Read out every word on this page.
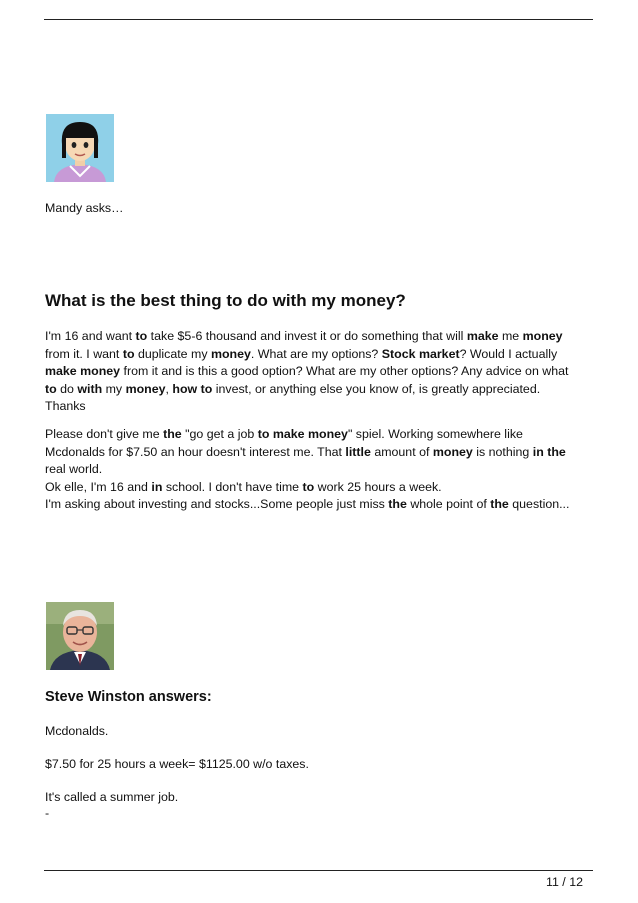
Mandy asks…
What is the best thing to do with my money?
I'm 16 and want to take $5-6 thousand and invest it or do something that will make me money
from it. I want to duplicate my money. What are my options? Stock market? Would I actually
make money from it and is this a good option? What are my other options? Any advice on what
to do with my money, how to invest, or anything else you know of, is greatly appreciated.
Thanks
Please don't give me the "go get a job to make money" spiel. Working somewhere like
Mcdonalds for $7.50 an hour doesn't interest me. That little amount of money is nothing in the
real world.
Ok elle, I'm 16 and in school. I don't have time to work 25 hours a week.
I'm asking about investing and stocks...Some people just miss the whole point of the question...
Steve Winston answers:
Mcdonalds.
$7.50 for 25 hours a week= $1125.00 w/o taxes.
It's called a summer job.
-
11 / 12
